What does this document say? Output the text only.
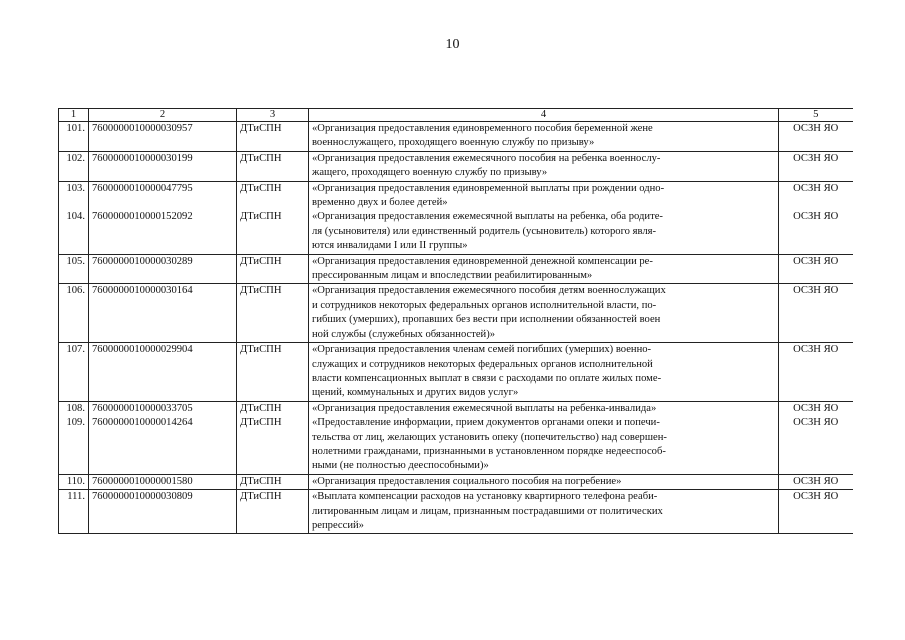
10
1	2	3	4	5
101.	7600000010000030957	ДТиСПН	«Организация предоставления единовременного пособия беременной жене
военнослужащего, проходящего военную службу по призыву»	ОСЗН ЯО
102.	7600000010000030199	ДТиСПН	«Организация предоставления ежемесячного пособия на ребенка военнослу-
жащего, проходящего военную службу по призыву»	ОСЗН ЯО
103.	7600000010000047795	ДТиСПН	«Организация предоставления единовременной выплаты при рождении одно-
временно двух и более детей»	ОСЗН ЯО
104.	7600000010000152092	ДТиСПН	«Организация предоставления ежемесячной выплаты на ребенка, оба родите-
ля (усыновителя) или единственный родитель (усыновитель) которого явля-
ются инвалидами I или II группы»	ОСЗН ЯО
105.	7600000010000030289	ДТиСПН	«Организация предоставления единовременной денежной компенсации ре-
прессированным лицам и впоследствии реабилитированным»	ОСЗН ЯО
106.	7600000010000030164	ДТиСПН	«Организация предоставления ежемесячного пособия детям военнослужащих
и сотрудников некоторых федеральных органов исполнительной власти, по-
гибших (умерших), пропавших без вести при исполнении обязанностей воен
ной службы (служебных обязанностей)»	ОСЗН ЯО
107.	7600000010000029904	ДТиСПН	«Организация предоставления членам семей погибших (умерших) военно-
служащих и сотрудников некоторых федеральных органов исполнительной
власти компенсационных выплат в связи с расходами по оплате жилых поме-
щений, коммунальных и других видов услуг»	ОСЗН ЯО
108.	7600000010000033705	ДТиСПН	«Организация предоставления ежемесячной выплаты на ребенка-инвалида»	ОСЗН ЯО
109.	7600000010000014264	ДТиСПН	«Предоставление информации, прием документов органами опеки и попечи-
тельства от лиц, желающих установить опеку (попечительство) над совершен-
нолетними гражданами, признанными в установленном порядке недееспособ-
ными (не полностью дееспособными)»	ОСЗН ЯО
110.	7600000010000001580	ДТиСПН	«Организация предоставления социального пособия на погребение»	ОСЗН ЯО
111.	7600000010000030809	ДТиСПН	«Выплата компенсации расходов на установку квартирного телефона реаби-
литированным лицам и лицам, признанным пострадавшими от политических
репрессий»	ОСЗН ЯО
